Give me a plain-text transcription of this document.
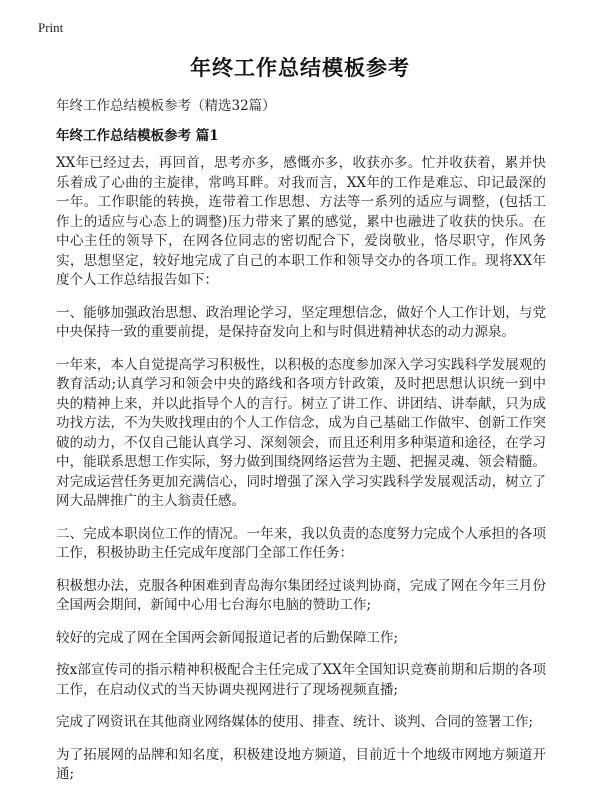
Print
年终工作总结模板参考
年终工作总结模板参考（精选32篇）
年终工作总结模板参考 篇1

XX年已经过去，再回首，思考亦多，感慨亦多，收获亦多。忙并收获着，累并快乐着成了心曲的主旋律，常鸣耳畔。对我而言，XX年的工作是难忘、印记最深的一年。工作职能的转换，连带着工作思想、方法等一系列的适应与调整，(包括工作上的适应与心态上的调整)压力带来了累的感觉，累中也融进了收获的快乐。在中心主任的领导下，在网各位同志的密切配合下，爱岗敬业，恪尽职守，作风务实，思想坚定，较好地完成了自己的本职工作和领导交办的各项工作。现将XX年度个人工作总结报告如下：

一、能够加强政治思想、政治理论学习，坚定理想信念，做好个人工作计划，与党中央保持一致的重要前提，是保持奋发向上和与时俱进精神状态的动力源泉。

一年来，本人自觉提高学习积极性，以积极的态度参加深入学习实践科学发展观的教育活动;认真学习和领会中央的路线和各项方针政策，及时把思想认识统一到中央的精神上来，并以此指导个人的言行。树立了讲工作、讲团结、讲奉献，只为成功找方法，不为失败找理由的个人工作信念，成为自己基础工作做牢、创新工作突破的动力，不仅自己能认真学习、深刻领会，而且还利用多种渠道和途径，在学习中，能联系思想工作实际，努力做到围绕网络运营为主题、把握灵魂、领会精髓。对完成运营任务更加充满信心，同时增强了深入学习实践科学发展观活动，树立了网大品牌推广的主人翁责任感。

二、完成本职岗位工作的情况。一年来，我以负责的态度努力完成个人承担的各项工作，积极协助主任完成年度部门全部工作任务：

积极想办法，克服各种困难到青岛海尔集团经过谈判协商，完成了网在今年三月份全国两会期间，新闻中心用七台海尔电脑的赞助工作;

较好的完成了网在全国两会新闻报道记者的后勤保障工作;

按x部宣传司的指示精神积极配合主任完成了XX年全国知识竞赛前期和后期的各项工作，在启动仪式的当天协调央视网进行了现场视频直播;

完成了网资讯在其他商业网络媒体的使用、排查、统计、谈判、合同的签署工作;

为了拓展网的品牌和知名度，积极建设地方频道，目前近十个地级市网地方频道开通;
